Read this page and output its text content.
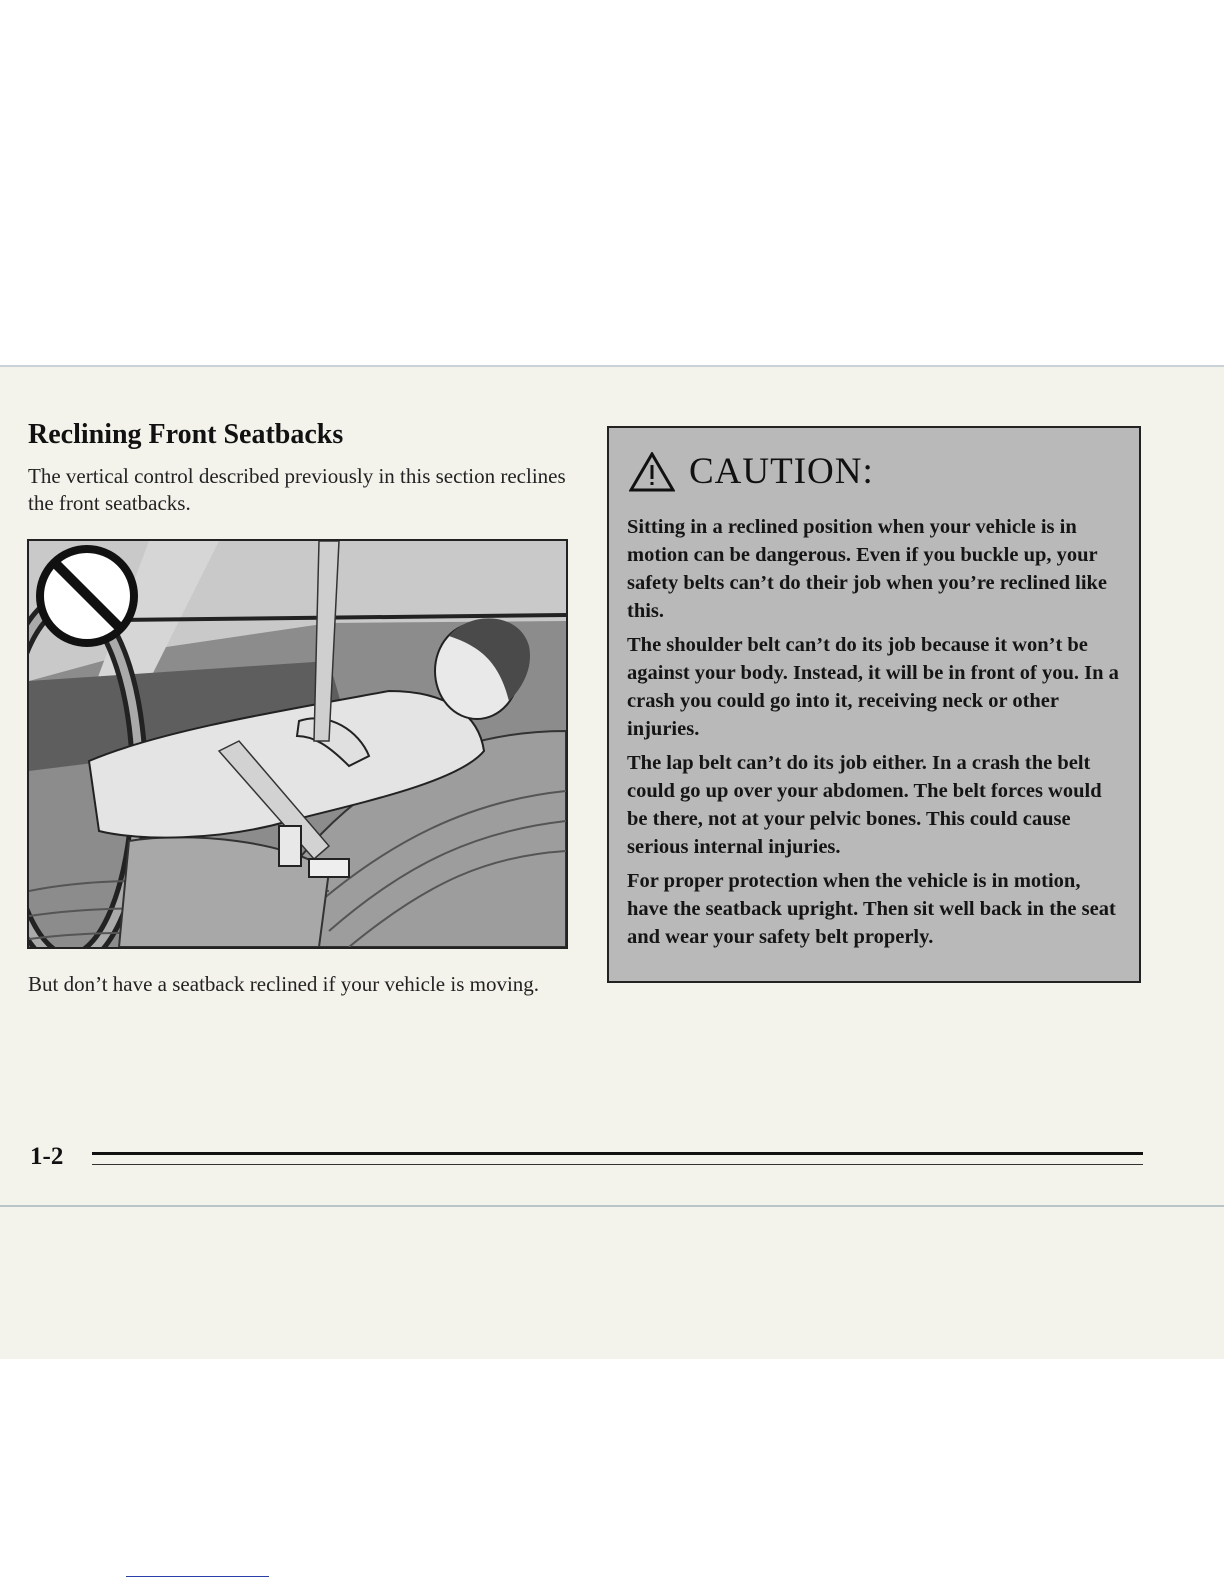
Reclining Front Seatbacks

The vertical control described previously in this section reclines the front seatbacks.

But don’t have a seatback reclined if your vehicle is moving.

CAUTION:

Sitting in a reclined position when your vehicle is in motion can be dangerous. Even if you buckle up, your safety belts can’t do their job when you’re reclined like this.

The shoulder belt can’t do its job because it won’t be against your body. Instead, it will be in front of you. In a crash you could go into it, receiving neck or other injuries.

The lap belt can’t do its job either. In a crash the belt could go up over your abdomen. The belt forces would be there, not at your pelvic bones. This could cause serious internal injuries.

For proper protection when the vehicle is in motion, have the seatback upright. Then sit well back in the seat and wear your safety belt properly.

1-2
